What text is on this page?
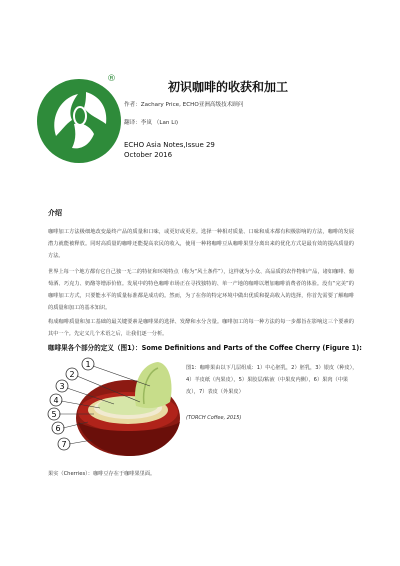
®
初识咖啡的收获和加工
作者：Zachary Price, ECHO亚洲高级技术顾问
翻译：李岚 （Lan Li)
ECHO Asia Notes,Issue 29
October 2016
介绍

咖啡加工方法极细地改变最终产品的质量和口味，或更好或更差。选择一种相对质量、口味和成本都有积极影响的方法，咖啡的发展潜力就能被释放。同时高质量的咖啡还能提高农民的收入，使用一种将咖啡豆从咖啡果里分离出来的优化方式是最有效的提高质量的方法。

世界上每一个地方都有它自己独一无二的特征和环境特点（称为“风土条件”），这样就为小众、高品质的农作物和产品，诸如咖啡、葡萄酒、巧克力、奶酪等增添价值。发展中的特色咖啡市场正在寻找独特的、单一产地的咖啡以增加咖啡消费者的体验。没有“完美”的咖啡加工方式，只要能水平的质量标准都是成功的。然而，为了在你的特定环境中做出优质和提高收入的选择，你首先需要了解咖啡的质量和加工的基本知识。

构成咖啡质量和加工基础的最关键要素是咖啡果的选择、发酵和水分含量。咖啡加工的每一种方法的每一步都旨在影响这三个要素的其中一个。先定义几个术语之后，让我们逐一分析。

咖啡果各个部分的定义（图1）：Some Definitions and Parts of the Coffee Cherry (Figure 1):
1
2
3
4
5
6
7
图1：咖啡果由以下几层组成：1）中心胚乳，2）胚乳，3）银皮（种皮），4）羊皮纸（内果皮），5）果胶层/粘液（中果皮内侧），6）果肉（中果皮），7）表皮（外果皮）
(TORCH Coffee, 2015)
果实（Cherries）：咖啡豆存在于咖啡果里面。
